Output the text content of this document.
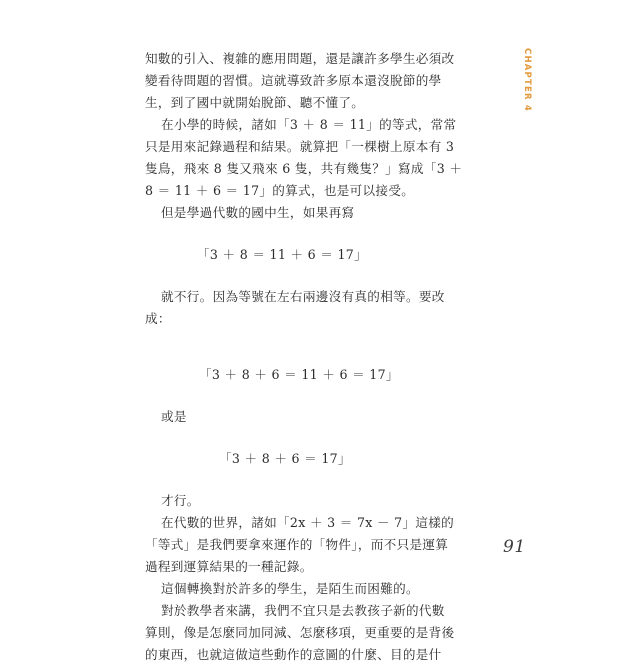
知數的引入、複雜的應用問題，還是讓許多學生必須改
變看待問題的習慣。這就導致許多原本還沒脫節的學
生，到了國中就開始脫節、聽不懂了。
在小學的時候，諸如「3 ＋ 8 ＝ 11」的等式，常常
只是用來記錄過程和結果。就算把「一棵樹上原本有 3
隻鳥，飛來 8 隻又飛來 6 隻，共有幾隻？」寫成「3 ＋
8 ＝ 11 ＋ 6 ＝ 17」的算式，也是可以接受。
但是學過代數的國中生，如果再寫
「3 ＋ 8 ＝ 11 ＋ 6 ＝ 17」
就不行。因為等號在左右兩邊沒有真的相等。要改
成：
「3 ＋ 8 ＋ 6 ＝ 11 ＋ 6 ＝ 17」
或是
「3 ＋ 8 ＋ 6 ＝ 17」
才行。
在代數的世界，諸如「2x ＋ 3 ＝ 7x － 7」這樣的
「等式」是我們要拿來運作的「物件」，而不只是運算
過程到運算結果的一種記錄。
這個轉換對於許多的學生，是陌生而困難的。
對於教學者來講，我們不宜只是去教孩子新的代數
算則，像是怎麼同加同減、怎麼移項，更重要的是背後
的東西，也就這做這些動作的意圖的什麼、目的是什
CHAPTER 4
91
